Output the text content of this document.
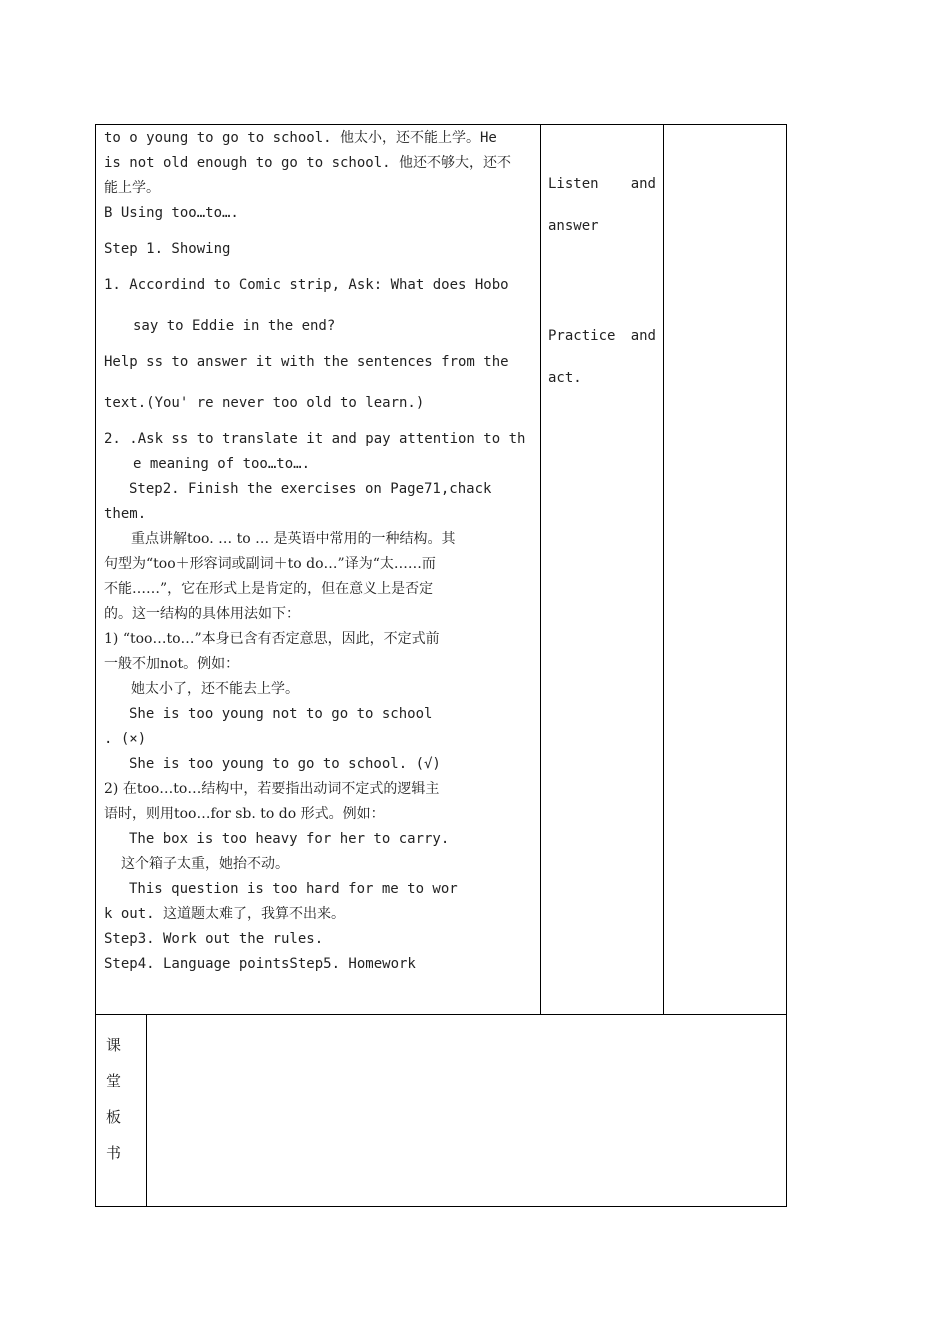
to o young to go to school. 他太小，还不能上学。He

is not old enough to go to school. 他还不够大，还不

能上学。

B Using too…to….

Step 1. Showing

1. Accordind to Comic strip, Ask: What does Hobo

say to Eddie in the end?

Help ss to answer it with the sentences from the

text.(You' re never too old to learn.)

2. .Ask ss to translate it and pay attention to th

e meaning of too…to….

Step2. Finish the exercises on Page71,chack

them.

重点讲解too. … to … 是英语中常用的一种结构。其

句型为“too＋形容词或副词＋to do…”译为“太……而

不能……”，它在形式上是肯定的，但在意义上是否定

的。这一结构的具体用法如下：

1) “too…to…”本身已含有否定意思，因此，不定式前

一般不加not。例如：

她太小了，还不能去上学。

She is too young not to go to school

. (×)

She is too young to go to school. (√)

2) 在too…to…结构中，若要指出动词不定式的逻辑主

语时，则用too…for sb. to do 形式。例如：

The box is too heavy for her to carry.

这个箱子太重，她抬不动。

This question is too hard for me to wor

k out. 这道题太难了，我算不出来。

Step3. Work out the rules.

Step4. Language pointsStep5. Homework

Listen and
answer
Practice and
act.
课
堂
板
书
